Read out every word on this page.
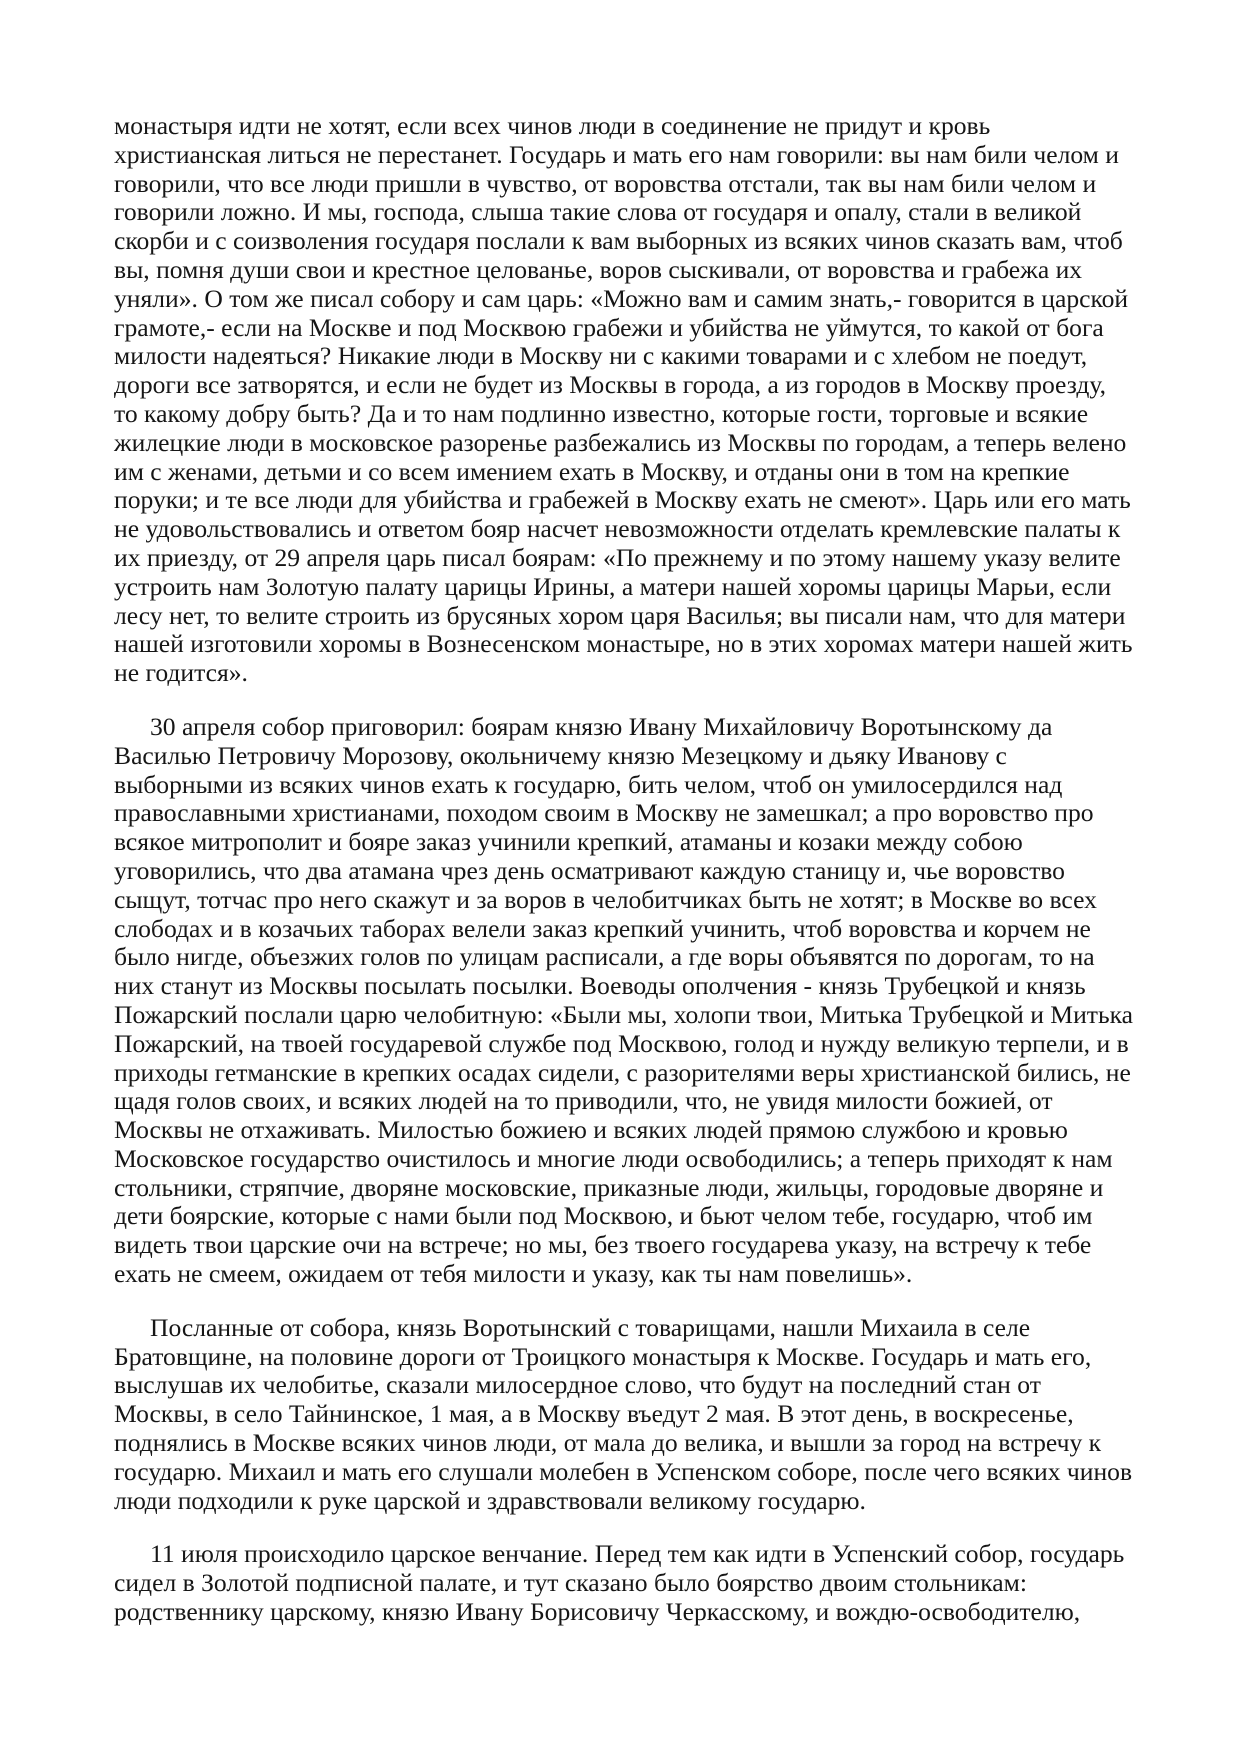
монастыря идти не хотят, если всех чинов люди в соединение не придут и кровь христианская литься не перестанет. Государь и мать его нам говорили: вы нам били челом и говорили, что все люди пришли в чувство, от воровства отстали, так вы нам били челом и говорили ложно. И мы, господа, слыша такие слова от государя и опалу, стали в великой скорби и с соизволения государя послали к вам выборных из всяких чинов сказать вам, чтоб вы, помня души свои и крестное целованье, воров сыскивали, от воровства и грабежа их уняли». О том же писал собору и сам царь: «Можно вам и самим знать,- говорится в царской грамоте,- если на Москве и под Москвою грабежи и убийства не уймутся, то какой от бога милости надеяться? Никакие люди в Москву ни с какими товарами и с хлебом не поедут, дороги все затворятся, и если не будет из Москвы в города, а из городов в Москву проезду, то какому добру быть? Да и то нам подлинно известно, которые гости, торговые и всякие жилецкие люди в московское разоренье разбежались из Москвы по городам, а теперь велено им с женами, детьми и со всем имением ехать в Москву, и отданы они в том на крепкие поруки; и те все люди для убийства и грабежей в Москву ехать не смеют». Царь или его мать не удовольствовались и ответом бояр насчет невозможности отделать кремлевские палаты к их приезду, от 29 апреля царь писал боярам: «По прежнему и по этому нашему указу велите устроить нам Золотую палату царицы Ирины, а матери нашей хоромы царицы Марьи, если лесу нет, то велите строить из брусяных хором царя Василья; вы писали нам, что для матери нашей изготовили хоромы в Вознесенском монастыре, но в этих хоромах матери нашей жить не годится».

30 апреля собор приговорил: боярам князю Ивану Михайловичу Воротынскому да Василью Петровичу Морозову, окольничему князю Мезецкому и дьяку Иванову с выборными из всяких чинов ехать к государю, бить челом, чтоб он умилосердился над православными христианами, походом своим в Москву не замешкал; а про воровство про всякое митрополит и бояре заказ учинили крепкий, атаманы и козаки между собою уговорились, что два атамана чрез день осматривают каждую станицу и, чье воровство сыщут, тотчас про него скажут и за воров в челобитчиках быть не хотят; в Москве во всех слободах и в козачьих таборах велели заказ крепкий учинить, чтоб воровства и корчем не было нигде, объезжих голов по улицам расписали, а где воры объявятся по дорогам, то на них станут из Москвы посылать посылки. Воеводы ополчения - князь Трубецкой и князь Пожарский послали царю челобитную: «Были мы, холопи твои, Митька Трубецкой и Митька Пожарский, на твоей государевой службе под Москвою, голод и нужду великую терпели, и в приходы гетманские в крепких осадах сидели, с разорителями веры христианской бились, не щадя голов своих, и всяких людей на то приводили, что, не увидя милости божией, от Москвы не отхаживать. Милостью божиею и всяких людей прямою службою и кровью Московское государство очистилось и многие люди освободились; а теперь приходят к нам стольники, стряпчие, дворяне московские, приказные люди, жильцы, городовые дворяне и дети боярские, которые с нами были под Москвою, и бьют челом тебе, государю, чтоб им видеть твои царские очи на встрече; но мы, без твоего государева указу, на встречу к тебе ехать не смеем, ожидаем от тебя милости и указу, как ты нам повелишь».

Посланные от собора, князь Воротынский с товарищами, нашли Михаила в селе Братовщине, на половине дороги от Троицкого монастыря к Москве. Государь и мать его, выслушав их челобитье, сказали милосердное слово, что будут на последний стан от Москвы, в село Тайнинское, 1 мая, а в Москву въедут 2 мая. В этот день, в воскресенье, поднялись в Москве всяких чинов люди, от мала до велика, и вышли за город на встречу к государю. Михаил и мать его слушали молебен в Успенском соборе, после чего всяких чинов люди подходили к руке царской и здравствовали великому государю.

11 июля происходило царское венчание. Перед тем как идти в Успенский собор, государь сидел в Золотой подписной палате, и тут сказано было боярство двоим стольникам: родственнику царскому, князю Ивану Борисовичу Черкасскому, и вождю-освободителю,
